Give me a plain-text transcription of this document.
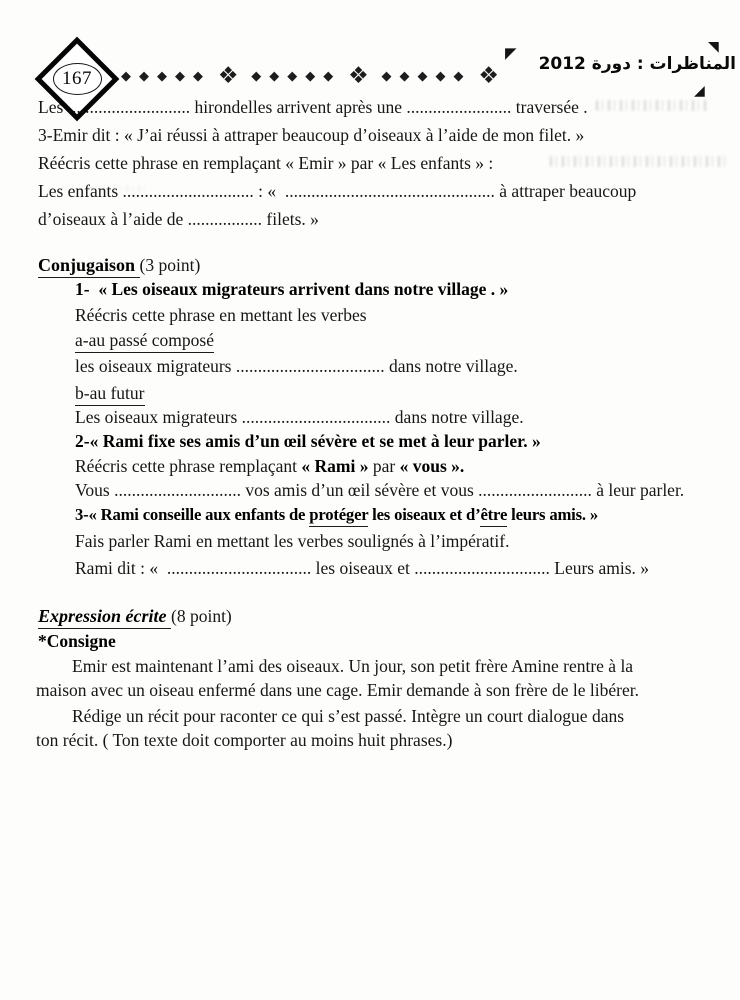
167 ◆◆◆◆◆ ❖ ◆◆◆◆◆ ❖ ◆◆◆◆◆ ❖
◤	◥
◢
المناظرات : دورة 2012
Les ............................ hirondelles arrivent après une ........................ traversée .
3-Emir dit : « J’ai réussi à attraper beaucoup d’oiseaux à l’aide de mon filet. »
Réécris cette phrase en remplaçant « Emir » par « Les enfants » :
Les enfants .............................. : «  ................................................ à attraper beaucoup
d’oiseaux à l’aide de ................. filets. »
Conjugaison (3 point)
1-  « Les oiseaux migrateurs arrivent dans notre village . »
Réécris cette phrase en mettant les verbes
a-au passé composé
les oiseaux migrateurs .................................. dans notre village.
b-au futur
Les oiseaux migrateurs .................................. dans notre village.
2-« Rami fixe ses amis d’un œil sévère et se met à leur parler. »
Réécris cette phrase remplaçant « Rami » par « vous ».
Vous ............................. vos amis d’un œil sévère et vous .......................... à leur parler.
3-« Rami conseille aux enfants de protéger les oiseaux et d’être leurs amis. »
Fais parler Rami en mettant les verbes soulignés à l’impératif.
Rami dit : «  ................................. les oiseaux et ............................... Leurs amis. »
Expression écrite (8 point)
*Consigne
Emir est maintenant l’ami des oiseaux. Un jour, son petit frère Amine rentre à la
maison avec un oiseau enfermé dans une cage. Emir demande à son frère de le libérer.
Rédige un récit pour raconter ce qui s’est passé. Intègre un court dialogue dans
ton récit. ( Ton texte doit comporter au moins huit phrases.)
